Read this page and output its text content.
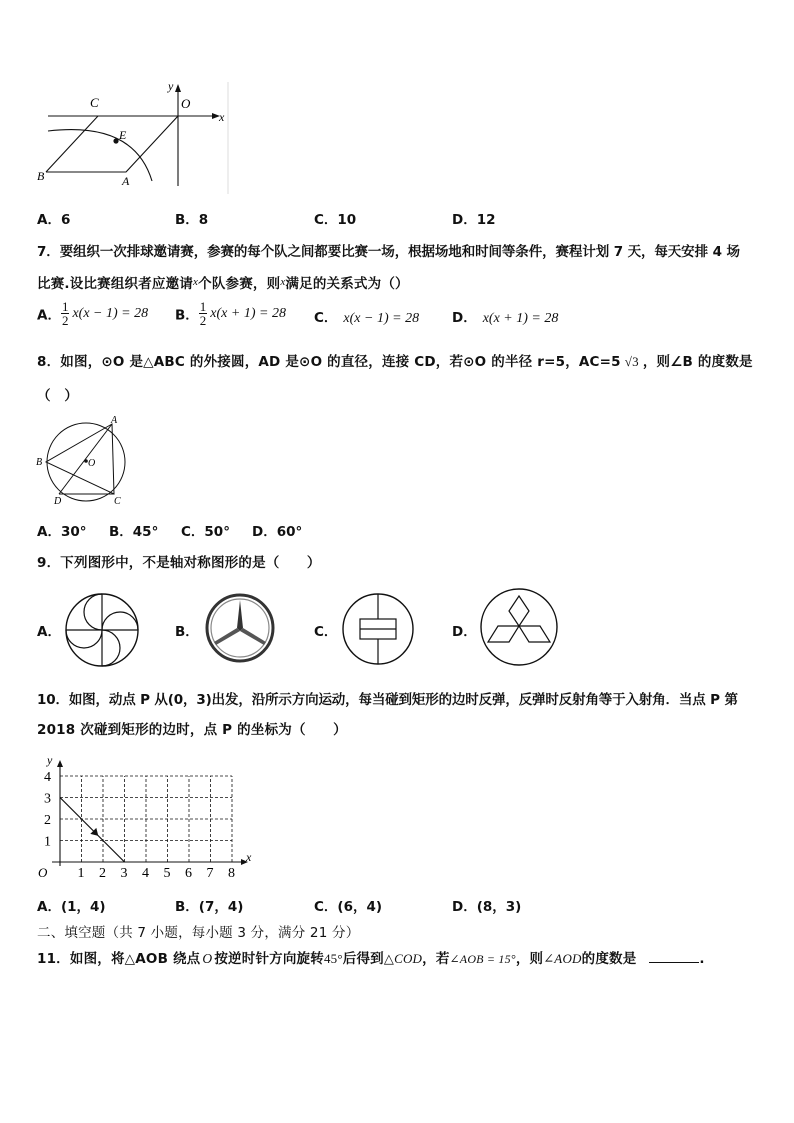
C	O
y
x
E
B	A
A．6	B．8	C．10	D．12
7．要组织一次排球邀请赛，参赛的每个队之间都要比赛一场，根据场地和时间等条件，赛程计划 7 天，每天安排 4 场
比赛.设比赛组织者应邀请$^x$个队参赛，则$^x$满足的关系式为（）
A． $\frac{1}{2} x(x - 1) = 28$ B． $\frac{1}{2} x(x + 1) = 28$ C． x(x − 1) = 28 D． x(x + 1) = 28
8．如图，⊙O 是△ABC 的外接圆，AD 是⊙O 的直径，连接 CD，若⊙O 的半径 r=5，AC=5 √3 ，则∠B 的度数是
（　）
A
B	O
D	C
A．30° B．45° C．50° D．60°
9．下列图形中，不是轴对称图形的是（　　）
A．	B．	C．	D．
10．如图，动点 P 从(0，3)出发，沿所示方向运动，每当碰到矩形的边时反弹，反弹时反射角等于入射角．当点 P 第
2018 次碰到矩形的边时，点 P 的坐标为（　　）
1 2 3 4 5 6 7 8
1
2
3
4
O
x
y
A．(1，4)	B．(7，4)	C．(6，4)	D．(8，3)
二、填空题（共 7 小题，每小题 3 分，满分 21 分）
11．如图，将△AOB 绕点 O 按逆时针方向旋转45°后得到△COD，若∠AOB = 15°，则∠AOD的度数是	.
